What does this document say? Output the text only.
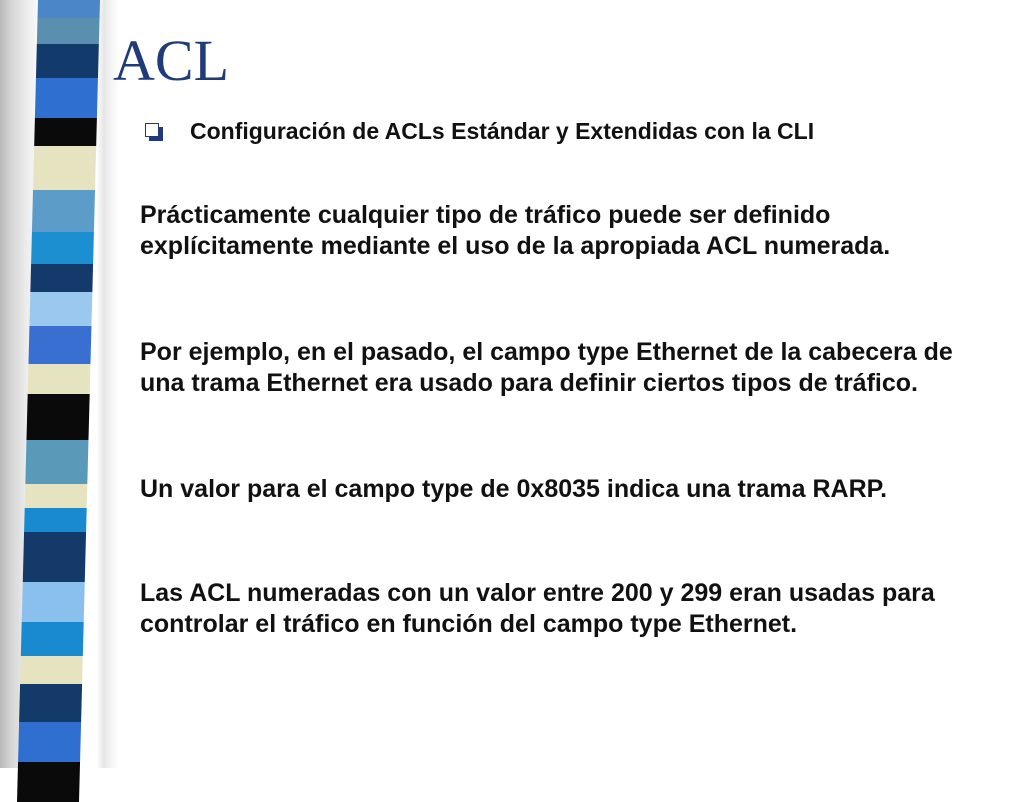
ACL
Configuración de ACLs Estándar y Extendidas con la CLI

Prácticamente cualquier tipo de tráfico puede ser definido explícitamente mediante el uso de la apropiada ACL numerada.

Por ejemplo, en el pasado, el campo type Ethernet de la cabecera de una trama Ethernet era usado para definir ciertos tipos de tráfico.

Un valor para el campo type de 0x8035 indica una trama RARP.

Las ACL numeradas con un valor entre 200 y 299 eran usadas para controlar el tráfico en función del campo type Ethernet.
